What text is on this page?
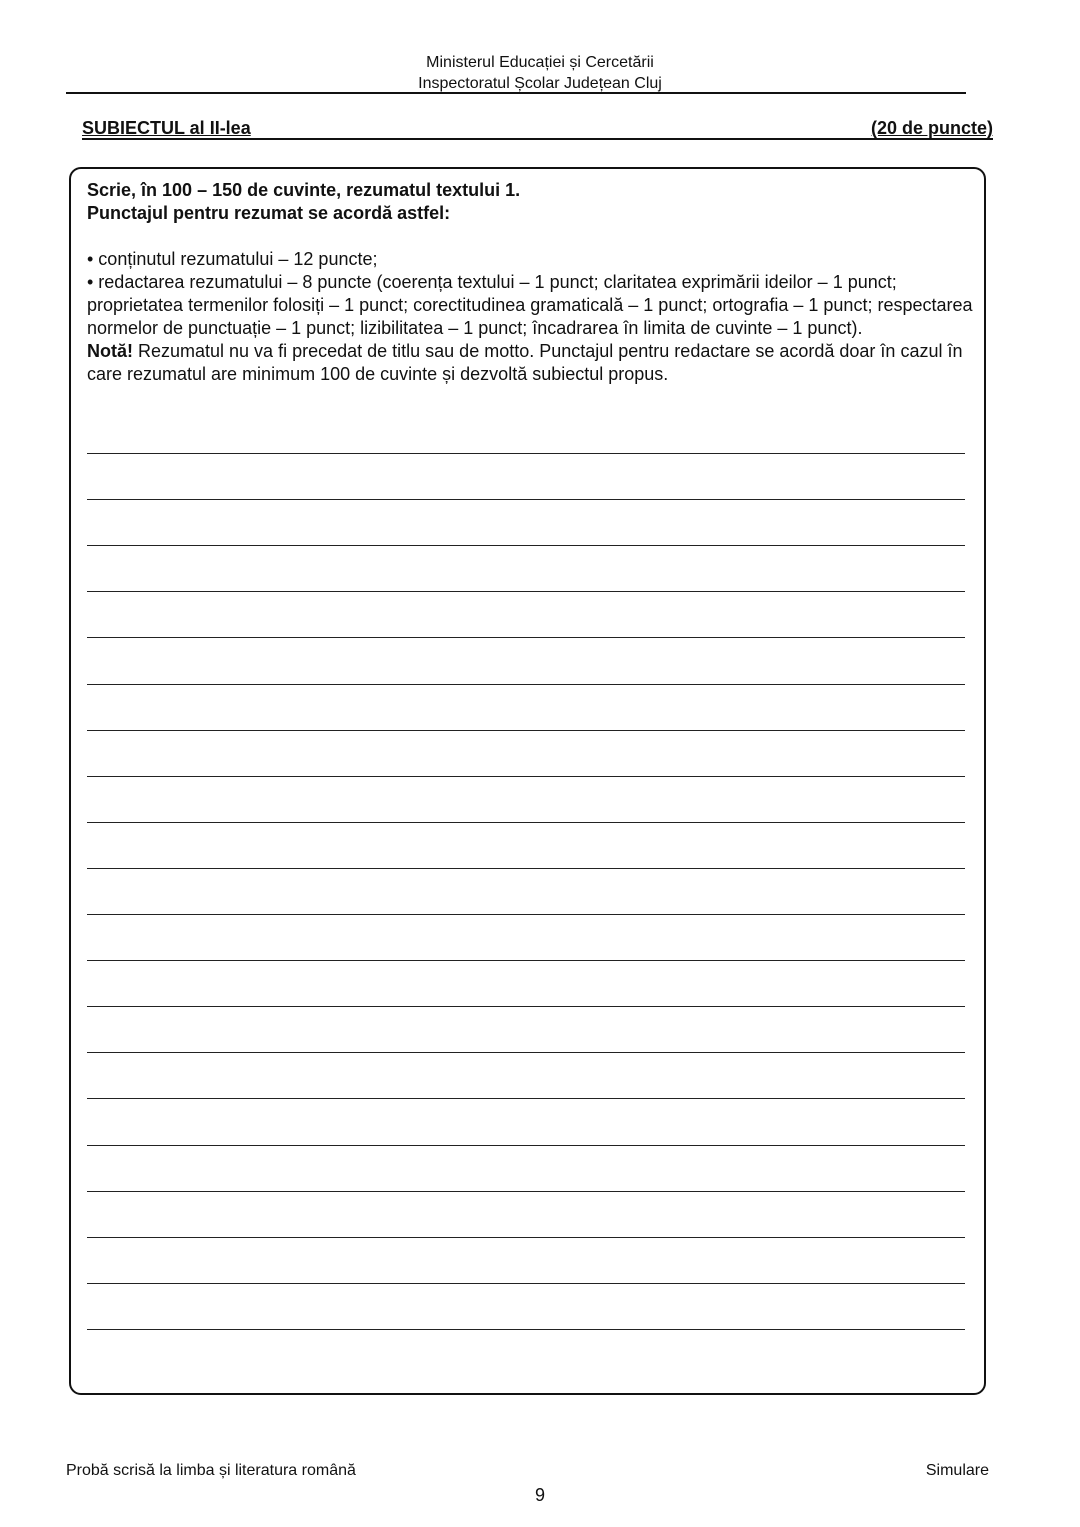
Ministerul Educației și Cercetării
Inspectoratul Școlar Județean Cluj
SUBIECTUL al II-lea	(20 de puncte)
Scrie, în 100 – 150 de cuvinte, rezumatul textului 1.
Punctajul pentru rezumat se acordă astfel:
• conținutul rezumatului – 12 puncte;
• redactarea rezumatului – 8 puncte (coerența textului – 1 punct; claritatea exprimării ideilor – 1 punct; proprietatea termenilor folosiți – 1 punct; corectitudinea gramaticală – 1 punct; ortografia – 1 punct; respectarea normelor de punctuație – 1 punct; lizibilitatea – 1 punct; încadrarea în limita de cuvinte – 1 punct).
Notă! Rezumatul nu va fi precedat de titlu sau de motto. Punctajul pentru redactare se acordă doar în cazul în care rezumatul are minimum 100 de cuvinte și dezvoltă subiectul propus.
Probă scrisă la limba și literatura română	Simulare
9
